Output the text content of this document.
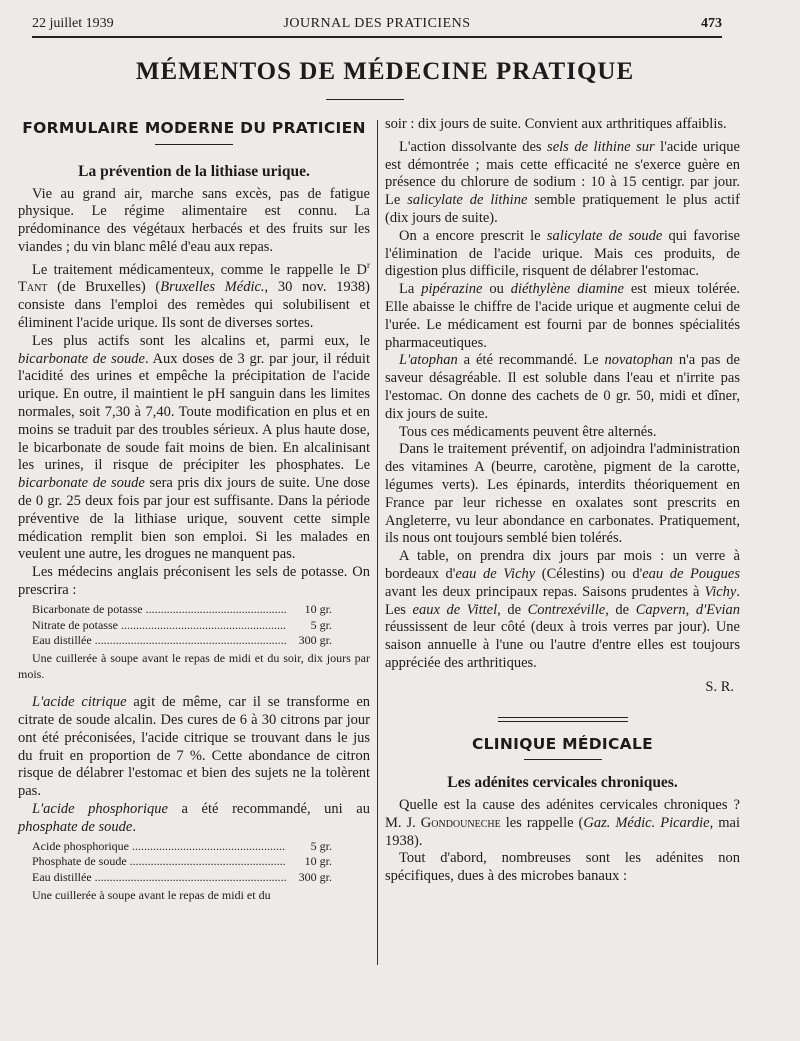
22 juillet 1939	JOURNAL DES PRATICIENS	473
MÉMENTOS DE MÉDECINE PRATIQUE
FORMULAIRE MODERNE DU PRATICIEN
La prévention de la lithiase urique.

Vie au grand air, marche sans excès, pas de fatigue physique. Le régime alimentaire est connu. La prédominance des végétaux herbacés et des fruits sur les viandes ; du vin blanc mêlé d'eau aux repas.

Le traitement médicamenteux, comme le rappelle le $D^r$ Tant (de Bruxelles) (Bruxelles Médic., 30 nov. 1938) consiste dans l'emploi des remèdes qui solubilisent et éliminent l'acide urique. Ils sont de diverses sortes.

Les plus actifs sont les alcalins et, parmi eux, le bicarbonate de soude. Aux doses de 3 gr. par jour, il réduit l'acidité des urines et empêche la précipitation de l'acide urique. En outre, il maintient le pH sanguin dans les limites normales, soit 7,30 à 7,40. Toute modification en plus et en moins se traduit par des troubles sérieux. A plus haute dose, le bicarbonate de soude fait moins de bien. En alcalinisant les urines, il risque de précipiter les phosphates. Le bicarbonate de soude sera pris dix jours de suite. Une dose de 0 gr. 25 deux fois par jour est suffisante. Dans la période préventive de la lithiase urique, souvent cette simple médication remplit bien son emploi. Si les malades en veulent une autre, les drogues ne manquent pas.

Les médecins anglais préconisent les sels de potasse. On prescrira :

Bicarbonate de potasse .....	10 gr.
Nitrate de potasse .....	5 gr.
Eau distillée .....	300 gr.

Une cuillerée à soupe avant le repas de midi et du soir, dix jours par mois.

L'acide citrique agit de même, car il se transforme en citrate de soude alcalin. Des cures de 6 à 30 citrons par jour ont été préconisées, l'acide citrique se trouvant dans le jus du fruit en proportion de 7 %. Cette abondance de citron risque de délabrer l'estomac et bien des sujets ne la tolèrent pas.

L'acide phosphorique a été recommandé, uni au phosphate de soude.

Acide phosphorique .....	5 gr.
Phosphate de soude .....	10 gr.
Eau distillée .....	300 gr.

Une cuillerée à soupe avant le repas de midi et du

soir : dix jours de suite. Convient aux arthritiques affaiblis.

L'action dissolvante des sels de lithine sur l'acide urique est démontrée ; mais cette efficacité ne s'exerce guère en présence du chlorure de sodium : 10 à 15 centigr. par jour. Le salicylate de lithine semble pratiquement le plus actif (dix jours de suite).

On a encore prescrit le salicylate de soude qui favorise l'élimination de l'acide urique. Mais ces produits, de digestion plus difficile, risquent de délabrer l'estomac.

La pipérazine ou diéthylène diamine est mieux tolérée. Elle abaisse le chiffre de l'acide urique et augmente celui de l'urée. Le médicament est fourni par de bonnes spécialités pharmaceutiques.

L'atophan a été recommandé. Le novatophan n'a pas de saveur désagréable. Il est soluble dans l'eau et n'irrite pas l'estomac. On donne des cachets de 0 gr. 50, midi et dîner, dix jours de suite.

Tous ces médicaments peuvent être alternés.

Dans le traitement préventif, on adjoindra l'administration des vitamines A (beurre, carotène, pigment de la carotte, légumes verts). Les épinards, interdits théoriquement en France par leur richesse en oxalates sont prescrits en Angleterre, vu leur abondance en carbonates. Pratiquement, ils nous ont toujours semblé bien tolérés.

A table, on prendra dix jours par mois : un verre à bordeaux d'eau de Vichy (Célestins) ou d'eau de Pougues avant les deux principaux repas. Saisons prudentes à Vichy. Les eaux de Vittel, de Contrexéville, de Capvern, d'Evian réussissent de leur côté (deux à trois verres par jour). Une saison annuelle à l'une ou l'autre d'entre elles est toujours appréciée des arthritiques.

S. R.
CLINIQUE MÉDICALE
Les adénites cervicales chroniques.

Quelle est la cause des adénites cervicales chroniques ? M. J. Gondouneche les rappelle (Gaz. Médic. Picardie, mai 1938).

Tout d'abord, nombreuses sont les adénites non spécifiques, dues à des microbes banaux :
